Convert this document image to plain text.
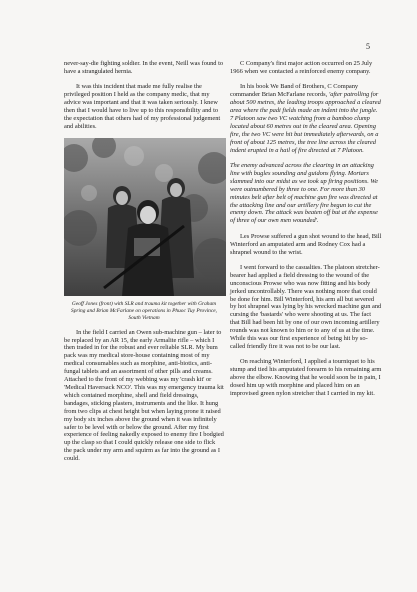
5

never-say-die fighting soldier. In the event, Neill was found to have a strangulated hernia.

It was this incident that made me fully realise the privileged position I held as the company medic, that my advice was important and that it was taken seriously. I knew then that I would have to live up to this responsibility and to the expectation that others had of my professional judgement and abilities.

Geoff Jones (front) with SLR and trauma kit together with Graham Spring and Brian McFarlane on operations in Phuoc Tuy Province, South Vietnam

In the field I carried an Owen sub-machine gun – later to be replaced by an AR 15, the early Armalite rifle – which I then traded in for the robust and ever reliable SLR. My bum pack was my medical store-house containing most of my medical consumables such as morphine, anti-biotics, anti-fungal tablets and an assortment of other pills and creams. Attached to the front of my webbing was my 'crash kit' or 'Medical Haversack NCO'. This was my emergency trauma kit which contained morphine, shell and field dressings, bandages, sticking plasters, instruments and the like. It hung from two clips at chest height but when laying prone it raised my body six inches above the ground when it was infinitely safer to be level with or below the ground. After my first experience of feeling nakedly exposed to enemy fire I bodgied up the clasp so that I could quickly release one side to flick the pack under my arm and squirm as far into the ground as I could.

C Company's first major action occurred on 25 July 1966 when we contacted a reinforced enemy company.

In his book We Band of Brothers, C Company commander Brian McFarlane records, 'after patrolling for about 500 metres, the leading troops approached a cleared area where the padi fields made an indent into the jungle. 7 Platoon saw two VC watching from a bamboo clump located about 60 metres out in the cleared area. Opening fire, the two VC were hit but immediately afterwards, on a front of about 125 metres, the tree line across the cleared indent erupted in a hail of fire directed at 7 Platoon.

The enemy advanced across the clearing in an attacking line with bugles sounding and guidons flying. Mortars slammed into our midst as we took up firing positions. We were outnumbered by three to one. For more than 30 minutes belt after belt of machine gun fire was directed at the attacking line and our artillery fire begun to cut the enemy down. The attack was beaten off but at the expense of three of our own men wounded'.

Les Prowse suffered a gun shot wound to the head, Bill Winterford an amputated arm and Rodney Cox had a shrapnel wound to the wrist.

I went forward to the casualties. The platoon stretcher-bearer had applied a field dressing to the wound of the unconscious Prowse who was now fitting and his body jerked uncontrollably. There was nothing more that could be done for him. Bill Winterford, his arm all but severed by hot shrapnel was lying by his wrecked machine gun and cursing the 'bastards' who were shooting at us. The fact that Bill had been hit by one of our own incoming artillery rounds was not known to him or to any of us at the time. While this was our first experience of being hit by so-called friendly fire it was not to be our last.

On reaching Winterford, I applied a tourniquet to his stump and tied his amputated forearm to his remaining arm above the elbow. Knowing that he would soon be in pain, I dosed him up with morphine and placed him on an improvised green nylon stretcher that I carried in my kit.
